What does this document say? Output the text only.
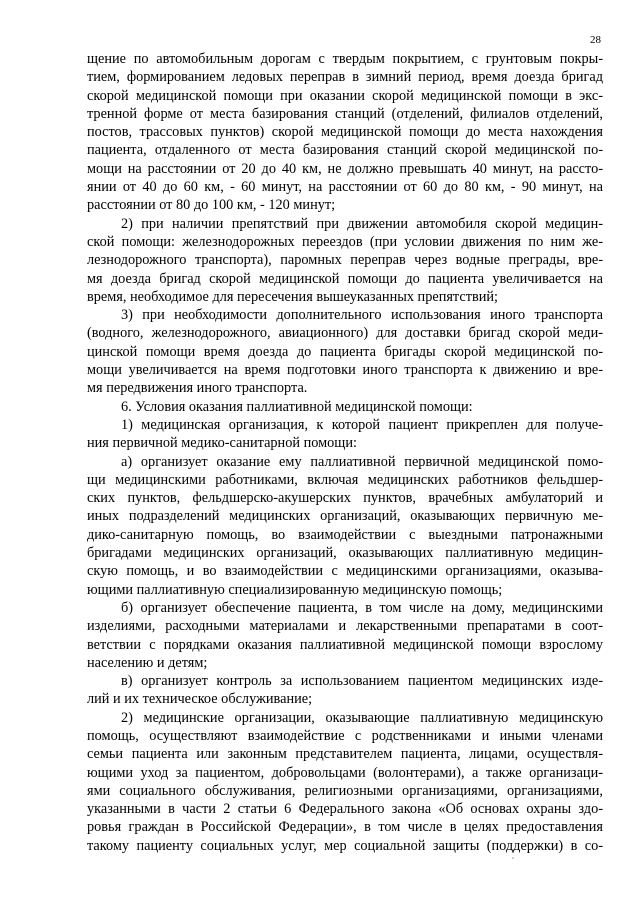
28
щение по автомобильным дорогам с твердым покрытием, с грунтовым покры-
тием, формированием ледовых переправ в зимний период, время доезда бригад
скорой медицинской помощи при оказании скорой медицинской помощи в экс-
тренной форме от места базирования станций (отделений, филиалов отделений,
постов, трассовых пунктов) скорой медицинской помощи до места нахождения
пациента, отдаленного от места базирования станций скорой медицинской по-
мощи на расстоянии от 20 до 40 км, не должно превышать 40 минут, на рассто-
янии от 40 до 60 км, - 60 минут, на расстоянии от 60 до 80 км, - 90 минут, на
расстоянии от 80 до 100 км, - 120 минут;
2) при наличии препятствий при движении автомобиля скорой медицин-
ской помощи: железнодорожных переездов (при условии движения по ним же-
лезнодорожного транспорта), паромных переправ через водные преграды, вре-
мя доезда бригад скорой медицинской помощи до пациента увеличивается на
время, необходимое для пересечения вышеуказанных препятствий;
3) при необходимости дополнительного использования иного транспорта
(водного, железнодорожного, авиационного) для доставки бригад скорой меди-
цинской помощи время доезда до пациента бригады скорой медицинской по-
мощи увеличивается на время подготовки иного транспорта к движению и вре-
мя передвижения иного транспорта.
6. Условия оказания паллиативной медицинской помощи:
1) медицинская организация, к которой пациент прикреплен для получе-
ния первичной медико-санитарной помощи:
а) организует оказание ему паллиативной первичной медицинской помо-
щи медицинскими работниками, включая медицинских работников фельдшер-
ских пунктов, фельдшерско-акушерских пунктов, врачебных амбулаторий и
иных подразделений медицинских организаций, оказывающих первичную ме-
дико-санитарную помощь, во взаимодействии с выездными патронажными
бригадами медицинских организаций, оказывающих паллиативную медицин-
скую помощь, и во взаимодействии с медицинскими организациями, оказыва-
ющими паллиативную специализированную медицинскую помощь;
б) организует обеспечение пациента, в том числе на дому, медицинскими
изделиями, расходными материалами и лекарственными препаратами в соот-
ветствии с порядками оказания паллиативной медицинской помощи взрослому
населению и детям;
в) организует контроль за использованием пациентом медицинских изде-
лий и их техническое обслуживание;
2) медицинские организации, оказывающие паллиативную медицинскую
помощь, осуществляют взаимодействие с родственниками и иными членами
семьи пациента или законным представителем пациента, лицами, осуществля-
ющими уход за пациентом, добровольцами (волонтерами), а также организаци-
ями социального обслуживания, религиозными организациями, организациями,
указанными в части 2 статьи 6 Федерального закона «Об основах охраны здо-
ровья граждан в Российской Федерации», в том числе в целях предоставления
такому пациенту социальных услуг, мер социальной защиты (поддержки) в со-
